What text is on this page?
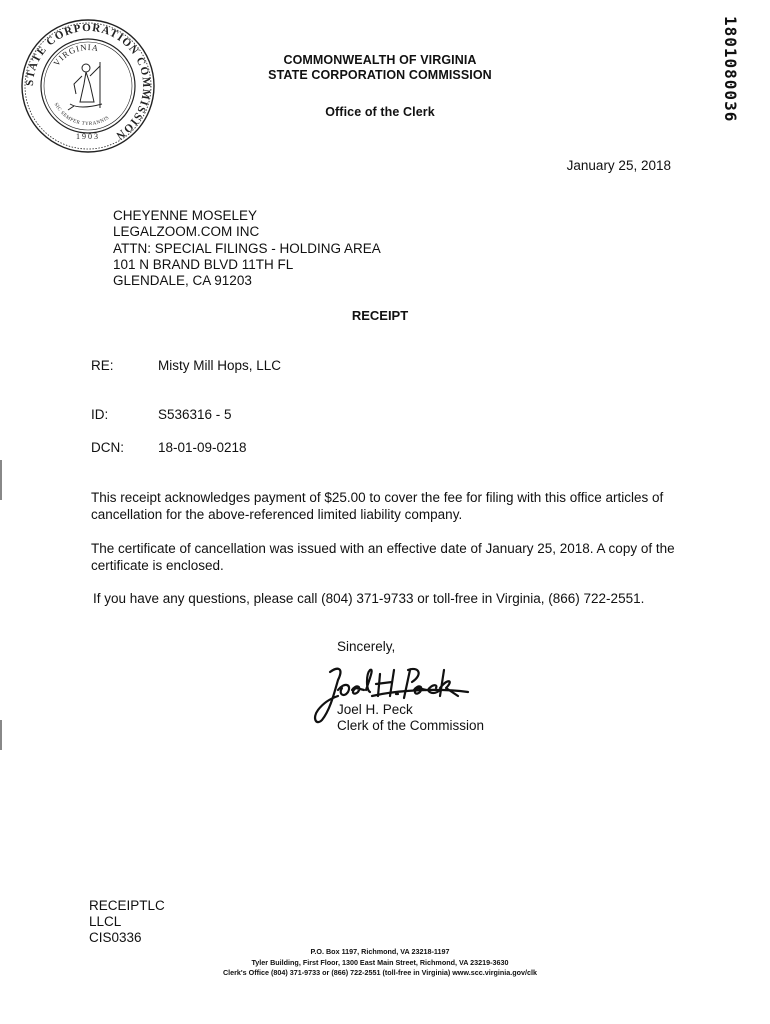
STATE CORPORATION COMMISSION
VIRGINIA
SIC SEMPER TYRANNIS
1903
1801080036
COMMONWEALTH OF VIRGINIA
STATE CORPORATION COMMISSION
Office of the Clerk
January 25, 2018
CHEYENNE MOSELEY
LEGALZOOM.COM INC
ATTN: SPECIAL FILINGS - HOLDING AREA
101 N BRAND BLVD 11TH FL
GLENDALE, CA 91203
RECEIPT
RE:	Misty Mill Hops, LLC
ID:	S536316 - 5
DCN:	18-01-09-0218
This receipt acknowledges payment of $25.00 to cover the fee for filing with this office articles of cancellation for the above-referenced limited liability company.
The certificate of cancellation was issued with an effective date of January 25, 2018. A copy of the certificate is enclosed.
If you have any questions, please call (804) 371-9733 or toll-free in Virginia, (866) 722-2551.
Sincerely,
Joel H. Peck
Clerk of the Commission
RECEIPTLC
LLCL
CIS0336
P.O. Box 1197, Richmond, VA 23218-1197
Tyler Building, First Floor, 1300 East Main Street, Richmond, VA 23219-3630
Clerk's Office (804) 371-9733 or (866) 722-2551 (toll-free in Virginia) www.scc.virginia.gov/clk
